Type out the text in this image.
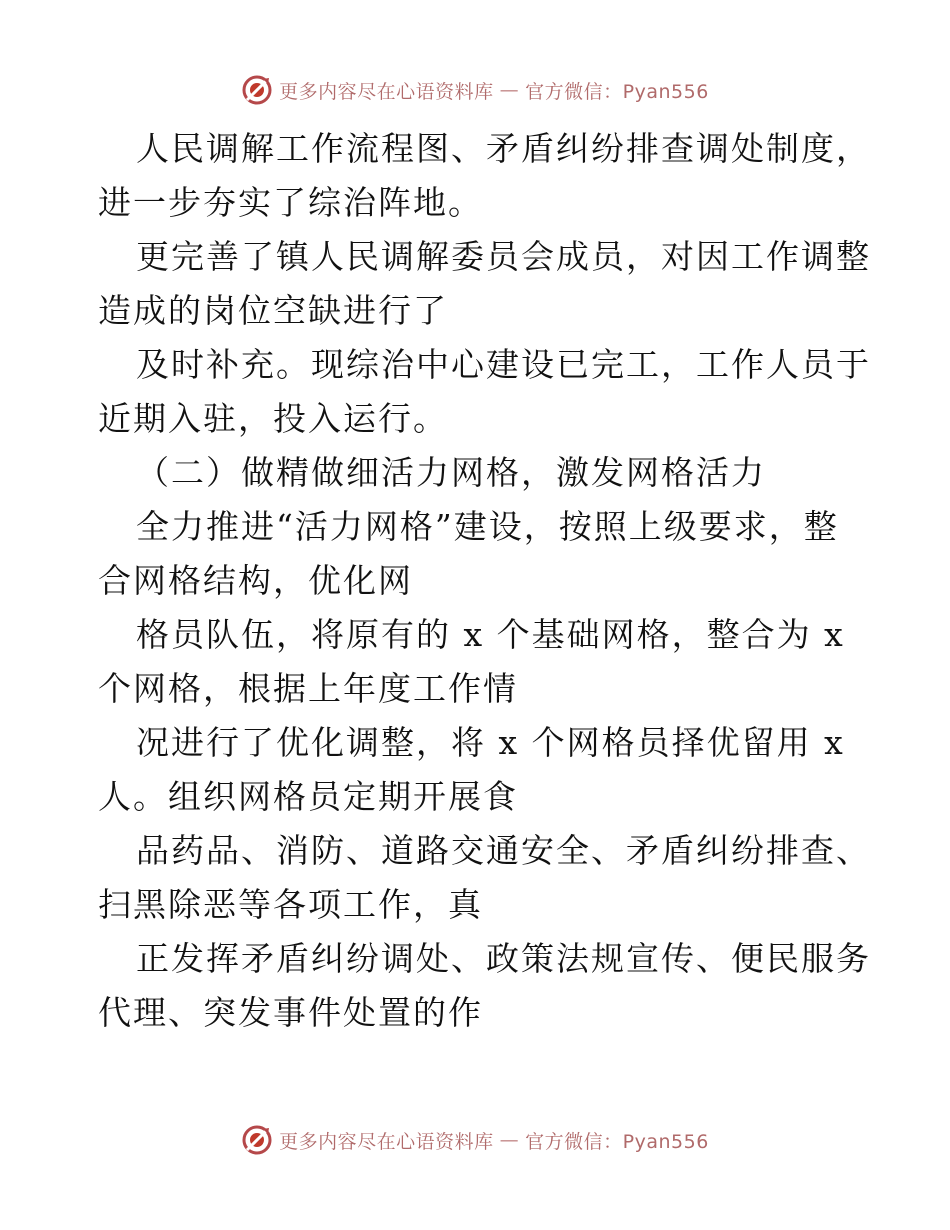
更多内容尽在心语资料库 — 官方微信：Pyan556
人民调解工作流程图、矛盾纠纷排查调处制度，
进一步夯实了综治阵地。
更完善了镇人民调解委员会成员，对因工作调整
造成的岗位空缺进行了
及时补充。现综治中心建设已完工，工作人员于
近期入驻，投入运行。
（二）做精做细活力网格，激发网格活力
全力推进“活力网格”建设，按照上级要求，整
合网格结构，优化网
格员队伍，将原有的 x 个基础网格，整合为 x
个网格，根据上年度工作情
况进行了优化调整，将 x 个网格员择优留用 x
人。组织网格员定期开展食
品药品、消防、道路交通安全、矛盾纠纷排查、
扫黑除恶等各项工作，真
正发挥矛盾纠纷调处、政策法规宣传、便民服务
代理、突发事件处置的作
更多内容尽在心语资料库 — 官方微信：Pyan556
